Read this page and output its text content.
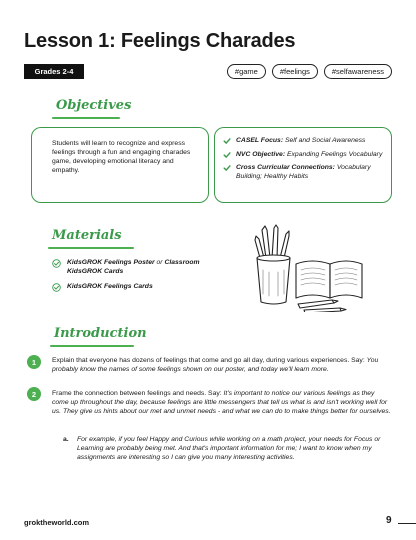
Lesson 1: Feelings Charades
Grades 2-4	#game	#feelings	#selfawareness
Objectives
Students will learn to recognize and express feelings through a fun and engaging charades game, developing emotional literacy and empathy.
CASEL Focus: Self and Social Awareness
NVC Objective: Expanding Feelings Vocabulary
Cross Curricular Connections: Vocabulary Building; Healthy Habits
Materials
KidsGROK Feelings Poster or Classroom KidsGROK Cards
KidsGROK Feelings Cards
Introduction
1	Explain that everyone has dozens of feelings that come and go all day, during various experiences. Say: You probably know the names of some feelings shown on our poster, and today we'll learn more.
2	Frame the connection between feelings and needs. Say: It's important to notice our various feelings as they come up throughout the day, because feelings are little messengers that tell us what is and isn't working well for us. They give us hints about our met and unmet needs - and what we can do to make things better for ourselves.
a.	For example, if you feel Happy and Curious while working on a math project, your needs for Focus or Learning are probably being met. And that's important information for me; I want to know when my assignments are interesting so I can give you many interesting activities.
groktheworld.com	9
